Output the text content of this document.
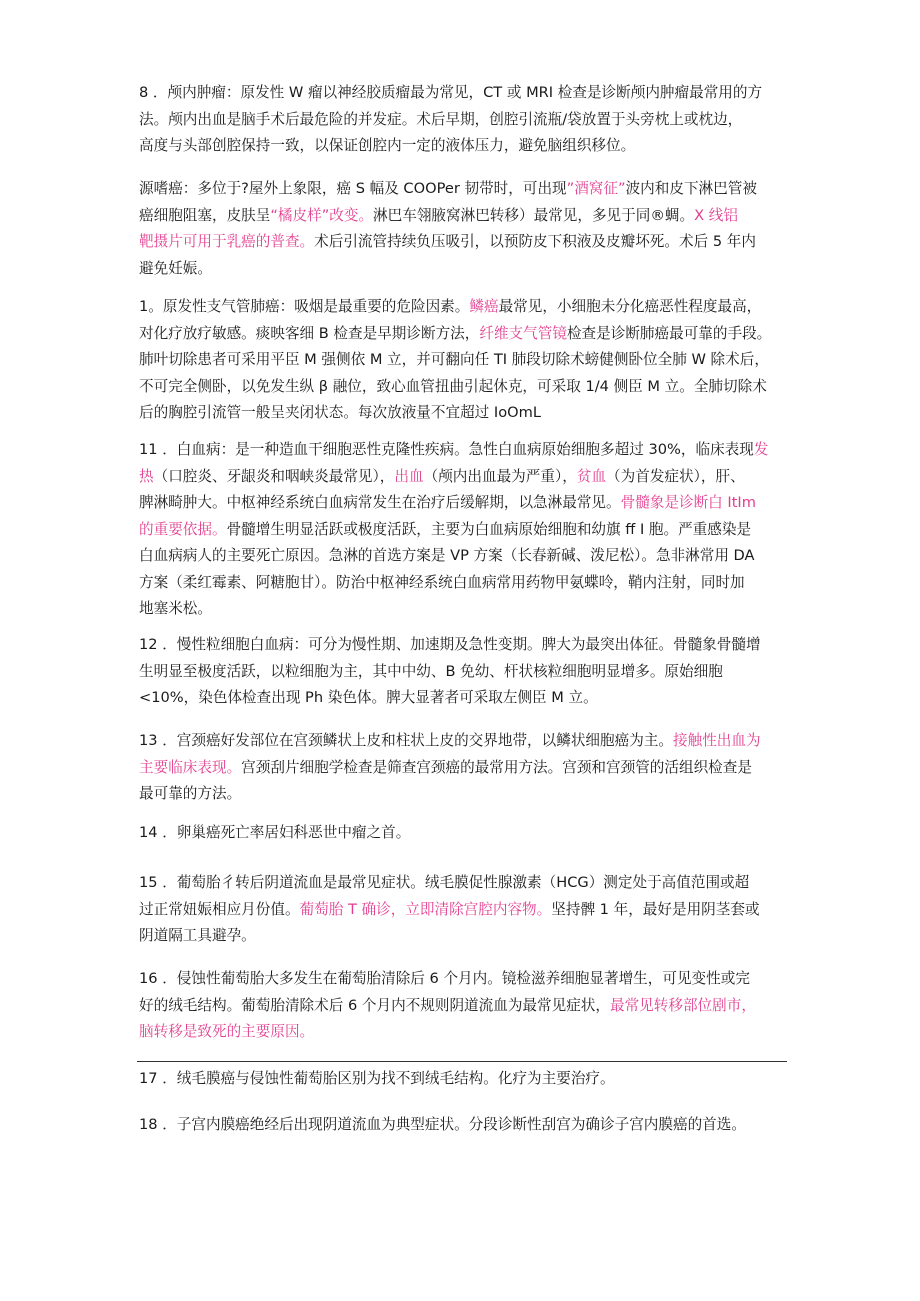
8 ．颅内肿瘤：原发性 W 瘤以神经胶质瘤最为常见，CT 或 MRI 检查是诊断颅内肿瘤最常用的方
法。颅内出血是脑手术后最危险的并发症。术后早期，创腔引流瓶/袋放置于头旁枕上或枕边，
高度与头部创腔保持一致，以保证创腔内一定的液体压力，避免脑组织移位。

源嗜癌：多位于?屋外上象限，癌 S 幅及 COOPer 韧带时，可出现”酒窝征”波内和皮下淋巴管被
癌细胞阻塞，皮肤呈“橘皮样”改变。淋巴车翎腋窝淋巴转移）最常见，多见于同®蜩。X 线铝
靶摄片可用于乳癌的普查。术后引流管持续负压吸引，以预防皮下积液及皮瓣坏死。术后 5 年内
避免妊娠。

1。原发性支气管肺癌：吸烟是最重要的危险因素。鳞癌最常见，小细胞未分化癌恶性程度最高，
对化疗放疗敏感。痰映客细 B 检查是早期诊断方法，纤维支气管镜检查是诊断肺癌最可靠的手段。
肺叶切除患者可采用平臣 M 强侧依 M 立，并可翻向任 TI 肺段切除术螃健侧卧位全肺 W 除术后，
不可完全侧卧，以免发生纵 β 融位，致心血管扭曲引起休克，可采取 1/4 侧臣 M 立。全肺切除术
后的胸腔引流管一般呈夹闭状态。每次放液量不宜超过 IoOmL

11 ．白血病：是一种造血干细胞恶性克隆性疾病。急性白血病原始细胞多超过 30%，临床表现发
热（口腔炎、牙龈炎和咽峡炎最常见），出血（颅内出血最为严重），贫血（为首发症状），肝、
脾淋畸肿大。中枢神经系统白血病常发生在治疗后缓解期，以急淋最常见。骨髓象是诊断白 ItIm
的重要依据。骨髓增生明显活跃或极度活跃，主要为白血病原始细胞和幼旗 ff I 胞。严重感染是
白血病病人的主要死亡原因。急淋的首选方案是 VP 方案（长春新碱、泼尼松）。急非淋常用 DA
方案（柔红霉素、阿糖胞甘）。防治中枢神经系统白血病常用药物甲氨蝶呤，鞘内注射，同时加
地塞米松。

12 ．慢性粒细胞白血病：可分为慢性期、加速期及急性变期。脾大为最突出体征。骨髓象骨髓增
生明显至极度活跃，以粒细胞为主，其中中幼、B 免幼、杆状核粒细胞明显增多。原始细胞
<10%，染色体检查出现 Ph 染色体。脾大显著者可采取左侧臣 M 立。

13 ．宫颈癌好发部位在宫颈鳞状上皮和柱状上皮的交界地带，以鳞状细胞癌为主。接触性出血为
主要临床表现。宫颈刮片细胞学检查是筛查宫颈癌的最常用方法。宫颈和宫颈管的活组织检查是
最可靠的方法。

14 ．卵巢癌死亡率居妇科恶世中瘤之首。

15 ．葡萄胎彳转后阴道流血是最常见症状。绒毛膜促性腺激素（HCG）测定处于高值范围或超
过正常妞娠相应月份值。葡萄胎 T 确诊，立即清除宫腔内容物。坚持髀 1 年，最好是用阴茎套或
阴道隔工具避孕。

16 ．侵蚀性葡萄胎大多发生在葡萄胎清除后 6 个月内。镜检滋养细胞显著增生，可见变性或完
好的绒毛结构。葡萄胎清除术后 6 个月内不规则阴道流血为最常见症状，最常见转移部位剧市，
脑转移是致死的主要原因。

17 ．绒毛膜癌与侵蚀性葡萄胎区别为找不到绒毛结构。化疗为主要治疗。

18 ．子宫内膜癌绝经后出现阴道流血为典型症状。分段诊断性刮宫为确诊子宫内膜癌的首选。
